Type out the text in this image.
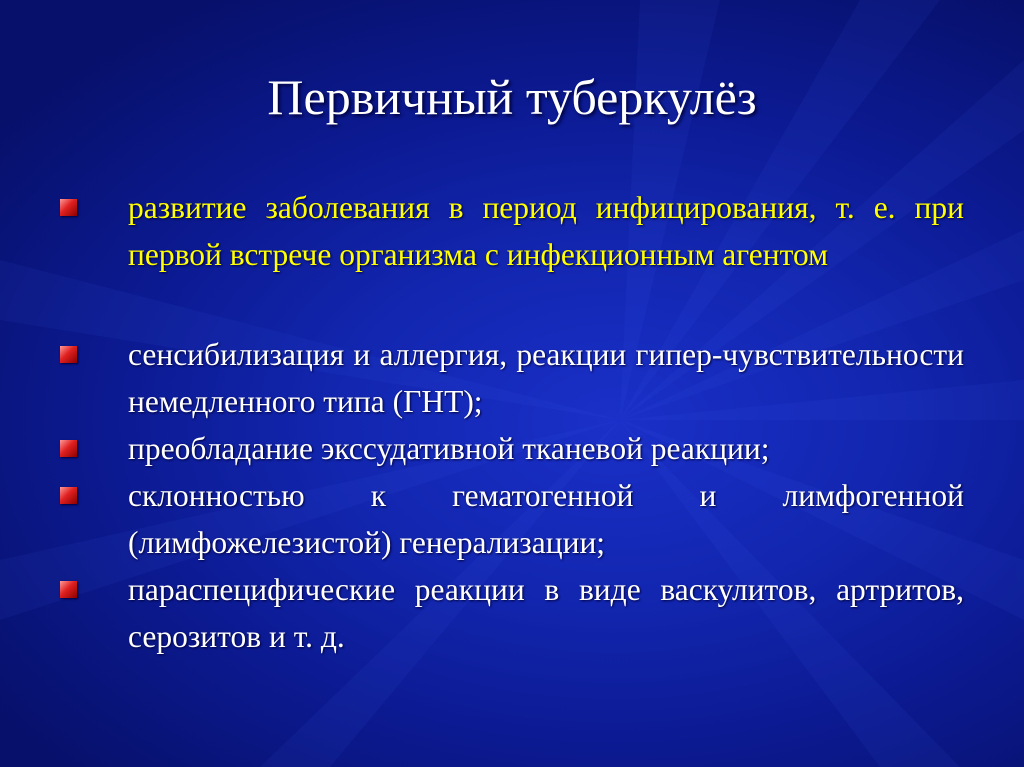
Первичный туберкулёз
развитие заболевания в период инфицирования, т. е. при первой встрече организма с инфекционным агентом
сенсибилизация и аллергия, реакции гипер-чувствительности немедленного типа (ГНТ);
преобладание экссудативной тканевой реакции;
склонностью к гематогенной и лимфогенной (лимфожелезистой) генерализации;
параспецифические реакции в виде васкулитов, артритов, серозитов и т. д.
